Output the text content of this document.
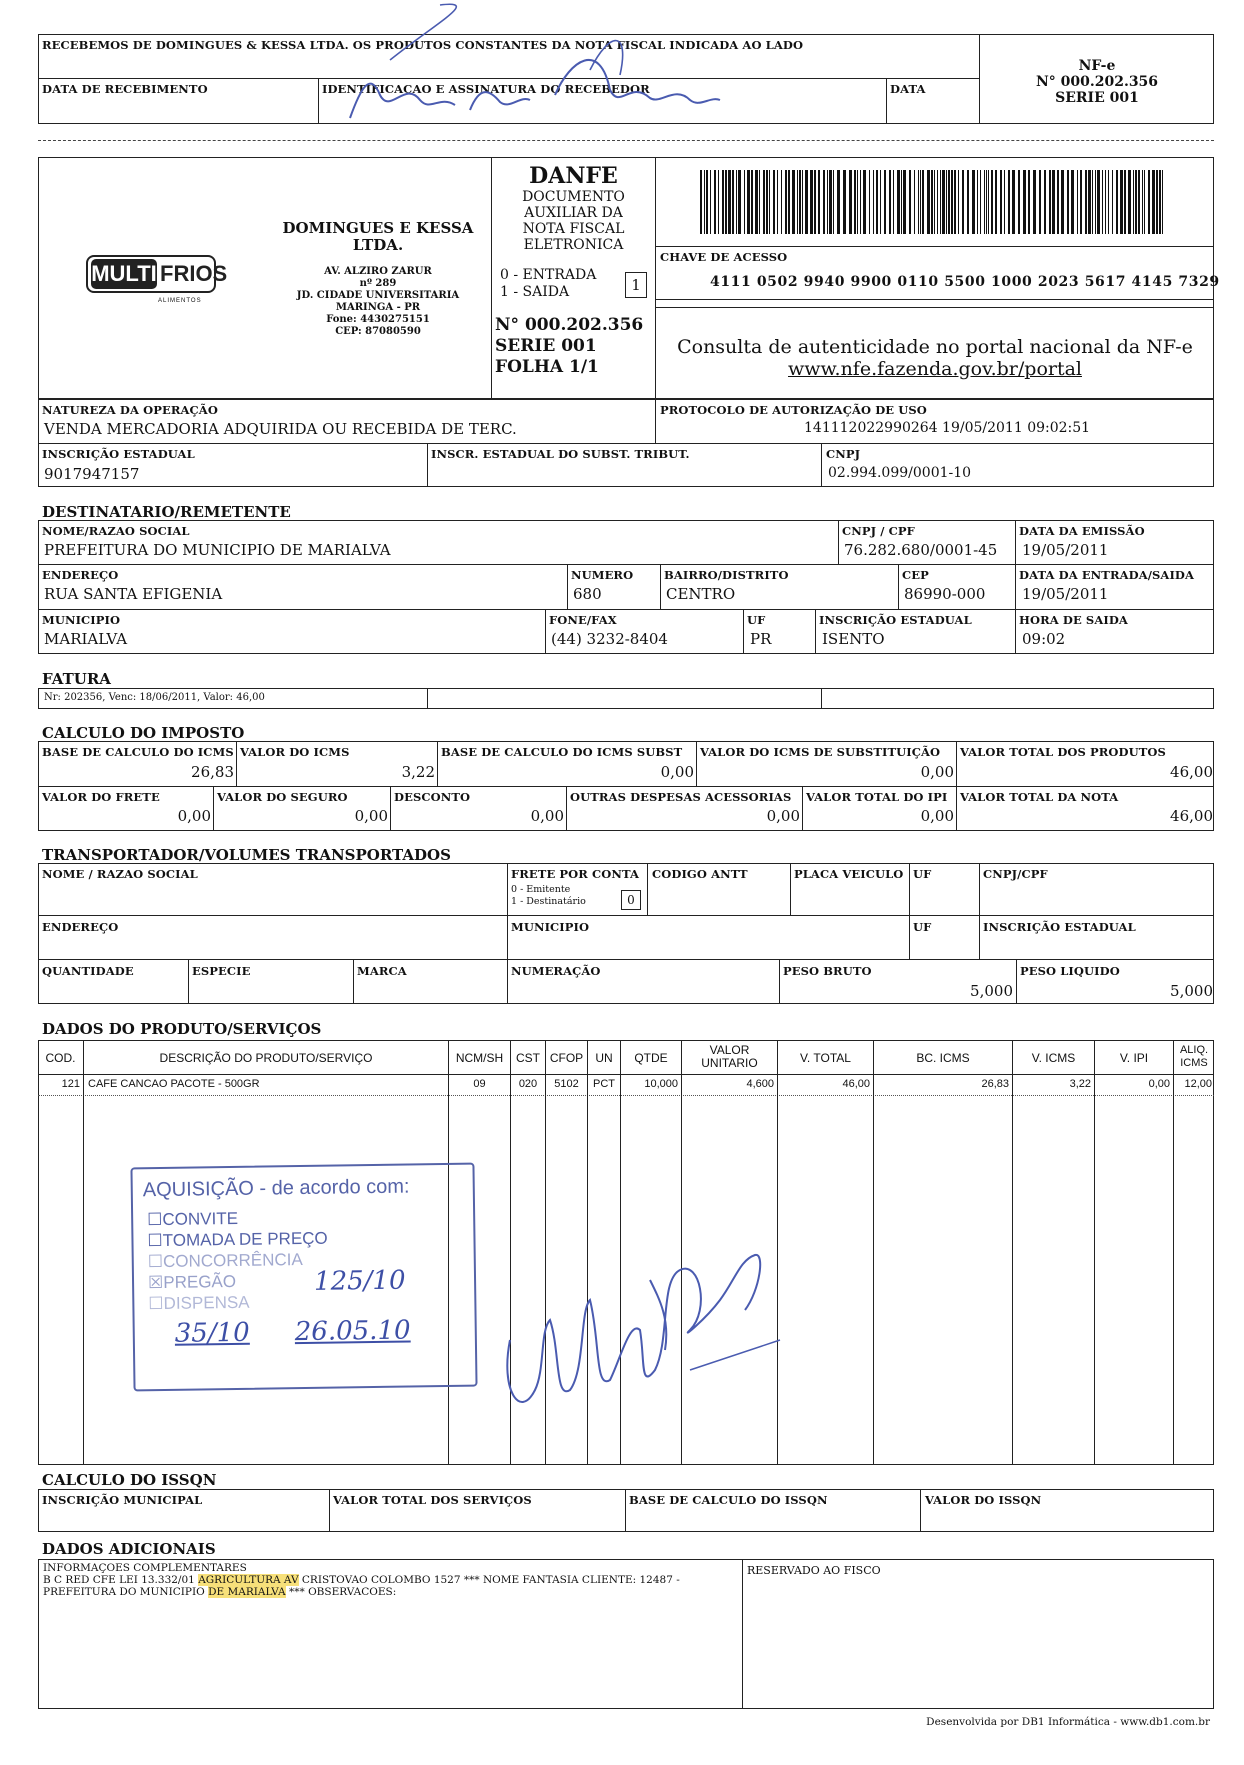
RECEBEMOS DE DOMINGUES & KESSA LTDA. OS PRODUTOS CONSTANTES DA NOTA FISCAL INDICADA AO LADO
DATA DE RECEBIMENTO	IDENTIFICACAO E ASSINATURA DO RECEBEDOR	DATA
NF-e
N° 000.202.356
SERIE 001
MULTI FRIOS
ALIMENTOS
DOMINGUES E KESSA
LTDA.
AV. ALZIRO ZARUR
nº 289
JD. CIDADE UNIVERSITARIA
MARINGA - PR
Fone: 4430275151
CEP: 87080590
DANFE
DOCUMENTO
AUXILIAR DA
NOTA FISCAL
ELETRONICA
0 - ENTRADA
1 - SAIDA	1
N° 000.202.356
SERIE 001
FOLHA 1/1
CHAVE DE ACESSO
4111 0502 9940 9900 0110 5500 1000 2023 5617 4145 7329
Consulta de autenticidade no portal nacional da NF-e
www.nfe.fazenda.gov.br/portal
NATUREZA DA OPERAÇÃO
VENDA MERCADORIA ADQUIRIDA OU RECEBIDA DE TERC.
PROTOCOLO DE AUTORIZAÇÃO DE USO
141112022990264 19/05/2011 09:02:51
INSCRIÇÃO ESTADUAL
9017947157
INSCR. ESTADUAL DO SUBST. TRIBUT.	CNPJ
02.994.099/0001-10
DESTINATARIO/REMETENTE
NOME/RAZAO SOCIAL
PREFEITURA DO MUNICIPIO DE MARIALVA
CNPJ / CPF
76.282.680/0001-45
DATA DA EMISSÃO
19/05/2011
ENDEREÇO
RUA SANTA EFIGENIA
NUMERO
680
BAIRRO/DISTRITO
CENTRO
CEP
86990-000
DATA DA ENTRADA/SAIDA
19/05/2011
MUNICIPIO
MARIALVA
FONE/FAX
(44) 3232-8404
UF
PR
INSCRIÇÃO ESTADUAL
ISENTO
HORA DE SAIDA
09:02
FATURA
Nr: 202356, Venc: 18/06/2011, Valor: 46,00
CALCULO DO IMPOSTO
BASE DE CALCULO DO ICMS
26,83
VALOR DO ICMS
3,22
BASE DE CALCULO DO ICMS SUBST
0,00
VALOR DO ICMS DE SUBSTITUIÇÃO
0,00
VALOR TOTAL DOS PRODUTOS
46,00
VALOR DO FRETE
0,00
VALOR DO SEGURO
0,00
DESCONTO
0,00
OUTRAS DESPESAS ACESSORIAS
0,00
VALOR TOTAL DO IPI
0,00
VALOR TOTAL DA NOTA
46,00
TRANSPORTADOR/VOLUMES TRANSPORTADOS
NOME / RAZAO SOCIAL	FRETE POR CONTA
0 - Emitente
1 - Destinatário	0
CODIGO ANTT	PLACA VEICULO UF	CNPJ/CPF
ENDEREÇO	MUNICIPIO	UF	INSCRIÇÃO ESTADUAL
QUANTIDADE	ESPECIE	MARCA	NUMERAÇÃO	PESO BRUTO
5,000
PESO LIQUIDO
5,000
DADOS DO PRODUTO/SERVIÇOS
COD.	DESCRIÇÃO DO PRODUTO/SERVIÇO	NCM/SH	CST CFOP	UN	QTDE
VALOR
UNITARIO	V. TOTAL	BC. ICMS	V. ICMS	V. IPI
ALIQ.
ICMS
121 CAFE CANCAO PACOTE - 500GR	09	020	5102	PCT	10,000	4,600	46,00	26,83	3,22	0,00	12,00
AQUISIÇÃO - de acordo com:
☐CONVITE
☐TOMADA DE PREÇO
☐CONCORRÊNCIA
☒PREGÃO
☐DISPENSA
125/10
35/10 26.05.10
CALCULO DO ISSQN
INSCRIÇÃO MUNICIPAL	VALOR TOTAL DOS SERVIÇOS	BASE DE CALCULO DO ISSQN	VALOR DO ISSQN
DADOS ADICIONAIS
INFORMAÇOES COMPLEMENTARES
B C RED CFE LEI 13.332/01 AGRICULTURA AV CRISTOVAO COLOMBO 1527 *** NOME FANTASIA CLIENTE: 12487 -
PREFEITURA DO MUNICIPIO DE MARIALVA *** OBSERVACOES:
RESERVADO AO FISCO
Desenvolvida por DB1 Informática - www.db1.com.br
